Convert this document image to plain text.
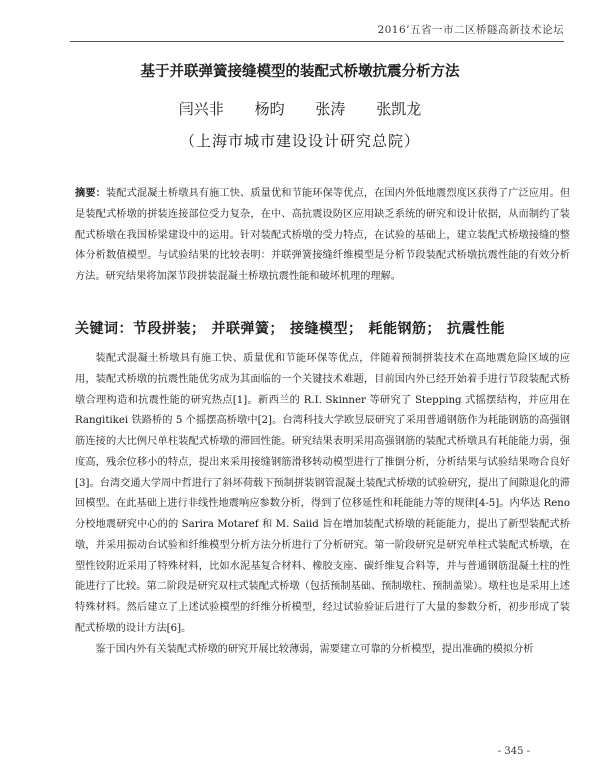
2016’五省一市二区桥隧高新技术论坛
基于并联弹簧接缝模型的装配式桥墩抗震分析方法
闫兴非 杨昀 张涛 张凯龙
（上海市城市建设设计研究总院）
摘要：装配式混凝土桥墩具有施工快、质量优和节能环保等优点，在国内外低地震烈度区获得了广泛应用。但是装配式桥墩的拼装连接部位受力复杂，在中、高抗震设防区应用缺乏系统的研究和设计依据，从而制约了装配式桥墩在我国桥梁建设中的运用。针对装配式桥墩的受力特点，在试验的基础上，建立装配式桥墩接缝的整体分析数值模型。与试验结果的比较表明：并联弹簧接缝纤维模型是分析节段装配式桥墩抗震性能的有效分析方法。研究结果将加深节段拼装混凝土桥墩抗震性能和破坏机理的理解。
关键词：节段拼装； 并联弹簧； 接缝模型； 耗能钢筋； 抗震性能

装配式混凝土桥墩具有施工快、质量优和节能环保等优点，伴随着预制拼装技术在高地震危险区域的应用，装配式桥墩的抗震性能优劣成为其面临的一个关键技术难题，目前国内外已经开始着手进行节段装配式桥墩合理构造和抗震性能的研究热点[1]。新西兰的 R.I. Skinner 等研究了 Stepping 式摇摆结构，并应用在 Rangitikei 铁路桥的 5 个摇摆高桥墩中[2]。台湾科技大学欧昱辰研究了采用普通钢筋作为耗能钢筋的高强钢筋连接的大比例尺单柱装配式桥墩的滞回性能。研究结果表明采用高强钢筋的装配式桥墩具有耗能能力弱，强度高，残余位移小的特点，提出来采用接缝钢筋滑移转动模型进行了推倒分析，分析结果与试验结果吻合良好[3]。台湾交通大学周中哲进行了斜坏荷载下预制拼装钢管混凝土装配式桥墩的试验研究，提出了间隙退化的滞回模型。在此基础上进行非线性地震响应参数分析，得到了位移延性和耗能能力等的规律[4-5]。内华达 Reno 分校地震研究中心的的 Sarira Motaref 和 M. Saiid 旨在增加装配式桥墩的耗能能力，提出了新型装配式桥墩，并采用振动台试验和纤维模型分析方法分析进行了分析研究。第一阶段研究是研究单柱式装配式桥墩，在塑性铰附近采用了特殊材料，比如水泥基复合材料、橡胶支座、碳纤维复合料等，并与普通钢筋混凝土柱的性能进行了比较。第二阶段是研究双柱式装配式桥墩（包括预制基础、预制墩柱、预制盖梁）。墩柱也是采用上述特殊材料。然后建立了上述试验模型的纤维分析模型，经过试验验证后进行了大量的参数分析，初步形成了装配式桥墩的设计方法[6]。

鉴于国内外有关装配式桥墩的研究开展比较薄弱，需要建立可靠的分析模型，提出准确的模拟分析

- 345 -
